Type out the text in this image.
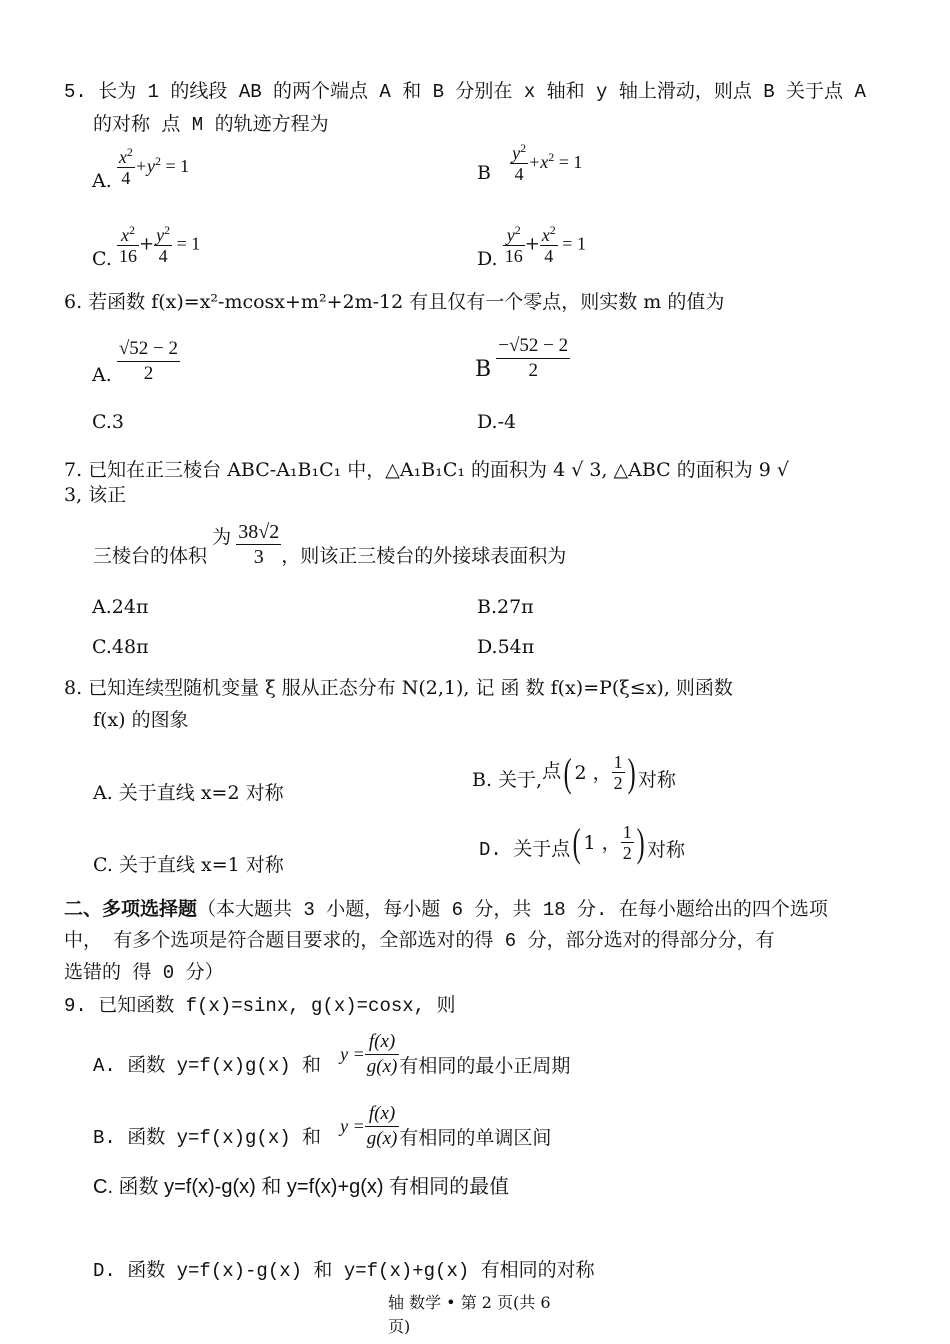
5. 长为 1 的线段 AB 的两个端点 A 和 B 分别在 x 轴和 y 轴上滑动，则点 B 关于点 A
的对称 点 M 的轨迹方程为
A. $\frac{x^2}{4} +y^2 = 1$	B $\frac{y^2}{4} +x^2 = 1$
C. $\frac{x^2}{16} + \frac{y^2}{4} = 1$
D. $\frac{y^2}{16} + \frac{x^2}{4} = 1$
6. 若函数 f(x)=x²-mcosx+m²+2m-12 有且仅有一个零点，则实数 m 的值为
A. $\frac{√52 - 2}{2}$	B $\frac{-√52 - 2}{2}$
C.3	D.-4
7. 已知在正三棱台 ABC-A₁B₁C₁ 中，△A₁B₁C₁ 的面积为 4 √ 3, △ABC 的面积为 9 √
3, 该正
三棱台的体积 为 $\frac{38√2}{3}$ ，则该正三棱台的外接球表面积为
A.24π	B.27π
C.48π	D.54π
8. 已知连续型随机变量 ξ 服从正态分布 N(2,1), 记 函 数 f(x)=P(ξ≤x), 则函数
f(x) 的图象
A. 关于直线 x=2 对称
B. 关于,点( 2 ， $\frac{1}{2}$ ) 对称
C. 关于直线 x=1 对称
D. 关于点( 1 ， $\frac{1}{2}$ ) 对称
二、多项选择题（本大题共 3 小题，每小题 6 分，共 18 分. 在每小题给出的四个选项
中， 有多个选项是符合题目要求的，全部选对的得 6 分，部分选对的得部分分，有
选错的 得 0 分）
9. 已知函数 f(x)=sinx, g(x)=cosx, 则
A. 函数 y=f(x)g(x) 和 $y = \frac{f(x)}{g(x)}$ 有相同的最小正周期
B. 函数 y=f(x)g(x) 和 $y = \frac{f(x)}{g(x)}$ 有相同的单调区间
C. 函数 y=f(x)-g(x) 和 y=f(x)+g(x) 有相同的最值
D. 函数 y=f(x)-g(x) 和 y=f(x)+g(x) 有相同的对称
轴 数学 • 第 2 页(共 6
页)
